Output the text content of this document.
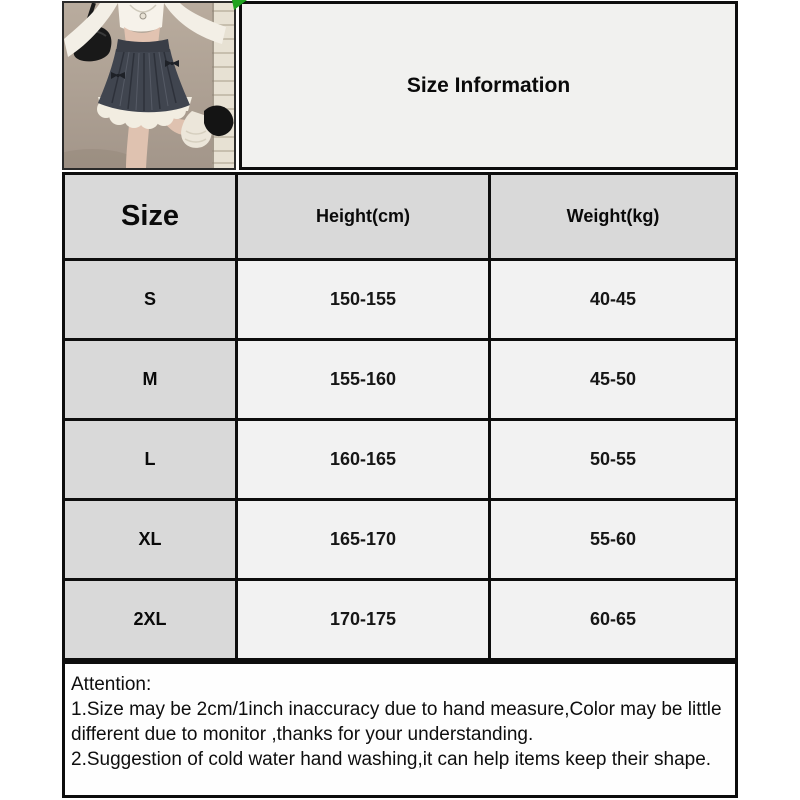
Size Information
Size	Height(cm)	Weight(kg)
S	150-155	40-45
M	155-160	45-50
L	160-165	50-55
XL	165-170	55-60
2XL	170-175	60-65
Attention:
1.Size may be 2cm/1inch inaccuracy due to hand measure,Color may be little
different due to monitor ,thanks for your understanding.
2.Suggestion of cold water hand washing,it can help items keep their shape.
